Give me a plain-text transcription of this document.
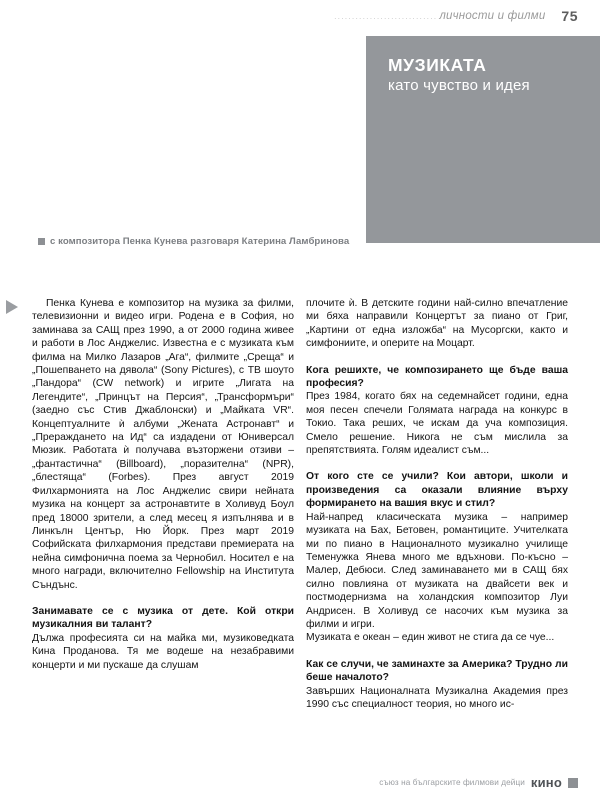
............................. личности и филми 75
МУЗИКАТА
като чувство и идея
с композитора Пенка Кунева разговаря Катерина Ламбринова

Пенка Кунева е композитор на музика за филми, телевизионни и видео игри. Родена е в София, но заминава за САЩ през 1990, а от 2000 година живее и работи в Лос Анджелис. Известна е с музиката към филма на Милко Лазаров „Ага“, филмите „Среща“ и „Пошепването на дявола“ (Sony Pictures), с ТВ шоуто „Пандора“ (CW network) и игрите „Лигата на Легендите“, „Принцът на Персия“, „Трансформъри“ (заедно със Стив Джаблонски) и „Майката VR“. Концептуалните ѝ албуми „Жената Астронавт“ и „Прераждането на Ид“ са издадени от Юниверсал Мюзик. Работата ѝ получава възторжени отзиви – „фантастична“ (Billboard), „поразителна“ (NPR), „блестяща“ (Forbes). През август 2019 Филхармонията на Лос Анджелис свири нейната музика на концерт за астронавтите в Холивуд Боул пред 18000 зрители, а след месец я изпълнява и в Линкълн Център, Ню Йорк. През март 2019 Софийската филхармония представи премиерата на нейна симфонична поема за Чернобил. Носител е на много награди, включително Fellowship на Института Съндънс.

Занимавате се с музика от дете. Кой откри музикалния ви талант?

Дължа професията си на майка ми, музиковедката Кина Проданова. Тя ме водеше на незабравими концерти и ми пускаше да слушам

плочите ѝ. В детските години най-силно впечатление ми бяха направили Концертът за пиано от Григ, „Картини от една изложба“ на Мусоргски, както и симфониите, и оперите на Моцарт.

Кога решихте, че композирането ще бъде ваша професия?

През 1984, когато бях на седемнайсет години, една моя песен спечели Голямата награда на конкурс в Токио. Така реших, че искам да уча композиция. Смело решение. Никога не съм мислила за препятствията. Голям идеалист съм...

От кого сте се учили? Кои автори, школи и произведения са оказали влияние върху формирането на вашия вкус и стил?

Най-напред класическата музика – например музиката на Бах, Бетовен, романтиците. Учителката ми по пиано в Националното музикално училище Теменужка Янева много ме вдъхнови. По-късно – Малер, Дебюси. След заминаването ми в САЩ бях силно повлияна от музиката на двайсети век и постмодернизма на холандския композитор Луи Андрисен. В Холивуд се насочих към музика за филми и игри.

Музиката е океан – един живот не стига да се чуе...

Как се случи, че заминахте за Америка? Трудно ли беше началото?

Завърших Националната Музикална Академия през 1990 със специалност теория, но много ис-

съюз на българските филмови дейци кино
